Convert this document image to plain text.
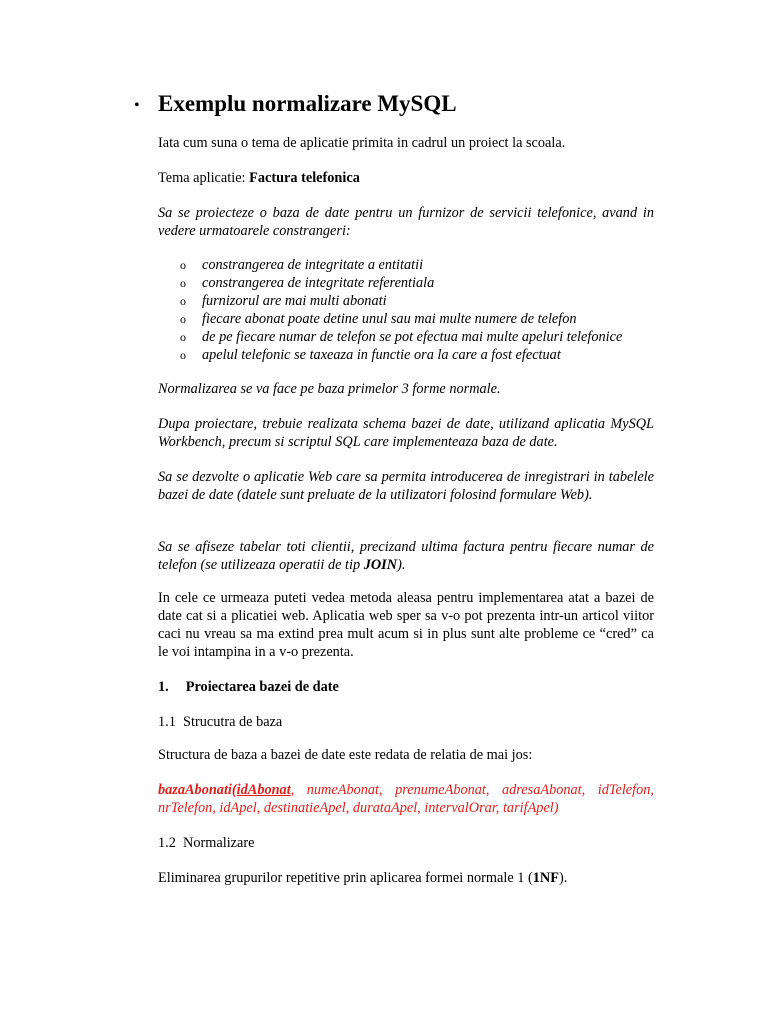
• Exemplu normalizare MySQL
Iata cum suna o tema de aplicatie primita in cadrul un proiect la scoala.
Tema aplicatie: Factura telefonica
Sa se proiecteze o baza de date pentru un furnizor de servicii telefonice, avand in vedere urmatoarele constrangeri:
o constrangerea de integritate a entitatii
o constrangerea de integritate referentiala
o furnizorul are mai multi abonati
o fiecare abonat poate detine unul sau mai multe numere de telefon
o de pe fiecare numar de telefon se pot efectua mai multe apeluri telefonice
o apelul telefonic se taxeaza in functie ora la care a fost efectuat
Normalizarea se va face pe baza primelor 3 forme normale.
Dupa proiectare, trebuie realizata schema bazei de date, utilizand aplicatia MySQL Workbench, precum si scriptul SQL care implementeaza baza de date.
Sa se dezvolte o aplicatie Web care sa permita introducerea de inregistrari in tabelele bazei de date (datele sunt preluate de la utilizatori folosind formulare Web).
Sa se afiseze tabelar toti clientii, precizand ultima factura pentru fiecare numar de telefon (se utilizeaza operatii de tip JOIN).
In cele ce urmeaza puteti vedea metoda aleasa pentru implementarea atat a bazei de date cat si a plicatiei web. Aplicatia web sper sa v-o pot prezenta intr-un articol viitor caci nu vreau sa ma extind prea mult acum si in plus sunt alte probleme ce “cred” ca le voi intampina in a v-o prezenta.
1. Proiectarea bazei de date
1.1 Strucutra de baza
Structura de baza a bazei de date este redata de relatia de mai jos:
bazaAbonati(idAbonat, numeAbonat, prenumeAbonat, adresaAbonat, idTelefon, nrTelefon, idApel, destinatieApel, durataApel, intervalOrar, tarifApel)
1.2 Normalizare
Eliminarea grupurilor repetitive prin aplicarea formei normale 1 (1NF).
